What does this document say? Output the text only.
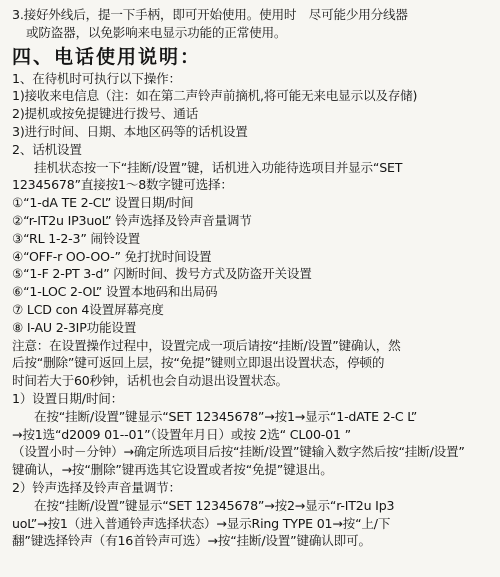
3.接好外线后，提一下手柄，即可开始使用。使用时　尽可能少用分线器
或防盗器，以免影响来电显示功能的正常使用。
四、电话使用说明：
1、在待机时可执行以下操作：
1)接收来电信息（注：如在第二声铃声前摘机,将可能无来电显示以及存储)
2)提机或按免提键进行拨号、通话
3)进行时间、日期、本地区码等的话机设置
2、话机设置
挂机状态按一下“挂断/设置”键，话机进入功能待选项目并显示“SET
12345678”直接按1～8数字键可选择：
①“1-dA TE 2-CL” 设置日期/时间
②“r-IT2u IP3uoL” 铃声选择及铃声音量调节
③“RL 1-2-3” 闹铃设置
④“OFF-r OO-OO-” 免打扰时间设置
⑤“1-F 2-PT 3-d” 闪断时间、拨号方式及防盗开关设置
⑥“1-LOC 2-OL” 设置本地码和出局码
⑦ LCD con 4设置屏幕亮度
⑧ I-AU 2-3IP功能设置
注意：在设置操作过程中，设置完成一项后请按“挂断/设置”键确认，然
后按“删除”键可返回上层，按“免提”键则立即退出设置状态，停顿的
时间若大于60秒钟，话机也会自动退出设置状态。
1）设置日期/时间：
在按“挂断/设置”键显示“SET 12345678”→按1→显示“1-dATE 2-C L”
→按1选“d2009 01--01”（设置年月日）或按 2选“ CL00-01 ”
（设置小时－分钟）→确定所选项目后按“挂断/设置”键输入数字然后按“挂断/设置”
键确认，→按“删除”键再选其它设置或者按“免提”键退出。
2）铃声选择及铃声音量调节：
在按“挂断/设置”键显示“SET 12345678”→按2→显示“r-IT2u Ip3
uoL”→按1（进入普通铃声选择状态）→显示Ring TYPE 01→按“上/下
翻”键选择铃声（有16首铃声可选）→按“挂断/设置”键确认即可。
